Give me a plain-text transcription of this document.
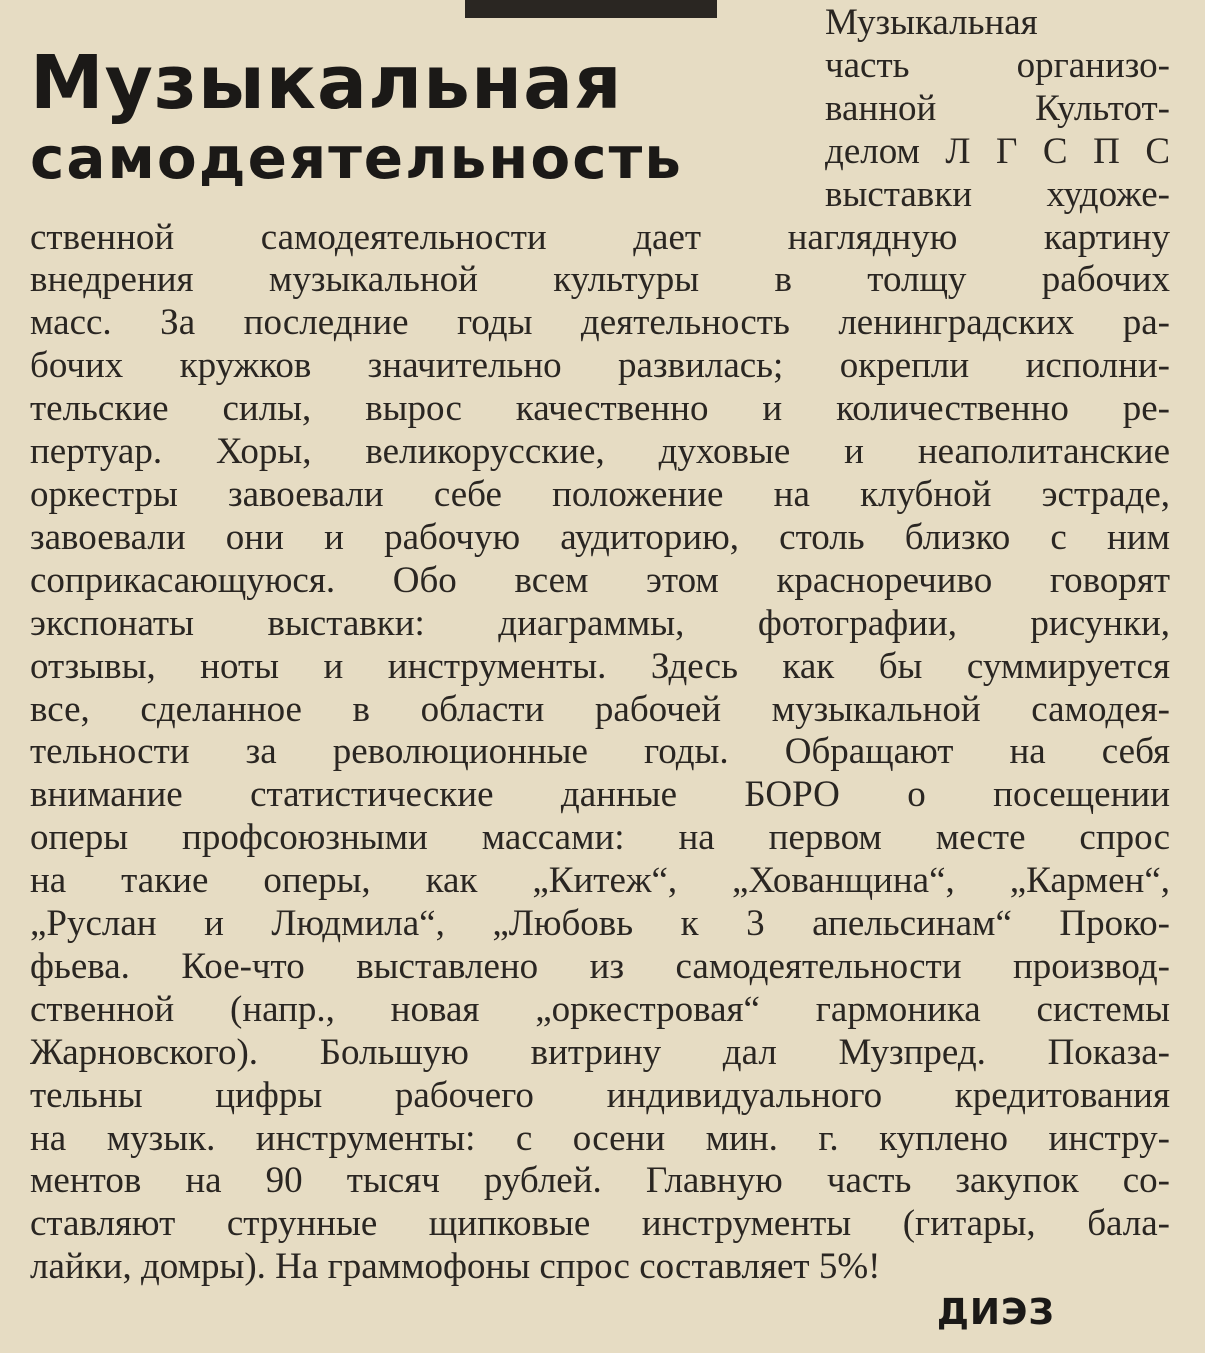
Музыкальная
самодеятельность
Музыкальная
часть организо-
ванной Культот-
делом Л Г С П С
выставки художе-
ственной самодеятельности дает наглядную картину
внедрения музыкальной культуры в толщу рабочих
масс. За последние годы деятельность ленинградских ра-
бочих кружков значительно развилась; окрепли исполни-
тельские силы, вырос качественно и количественно ре-
пертуар. Хоры, великорусские, духовые и неаполитанские
оркестры завоевали себе положение на клубной эстраде,
завоевали они и рабочую аудиторию, столь близко с ним
соприкасающуюся. Обо всем этом красноречиво говорят
экспонаты выставки: диаграммы, фотографии, рисунки,
отзывы, ноты и инструменты. Здесь как бы суммируется
все, сделанное в области рабочей музыкальной самодея-
тельности за революционные годы. Обращают на себя
внимание статистические данные БОРО о посещении
оперы профсоюзными массами: на первом месте спрос
на такие оперы, как „Китеж“, „Хованщина“, „Кармен“,
„Руслан и Людмила“, „Любовь к 3 апельсинам“ Проко-
фьева. Кое-что выставлено из самодеятельности производ-
ственной (напр., новая „оркестровая“ гармоника системы
Жарновского). Большую витрину дал Музпред. Показа-
тельны цифры рабочего индивидуального кредитования
на музык. инструменты: с осени мин. г. куплено инстру-
ментов на 90 тысяч рублей. Главную часть закупок со-
ставляют струнные щипковые инструменты (гитары, бала-
лайки, домры). На граммофоны спрос составляет 5%!

ДИЭЗ
